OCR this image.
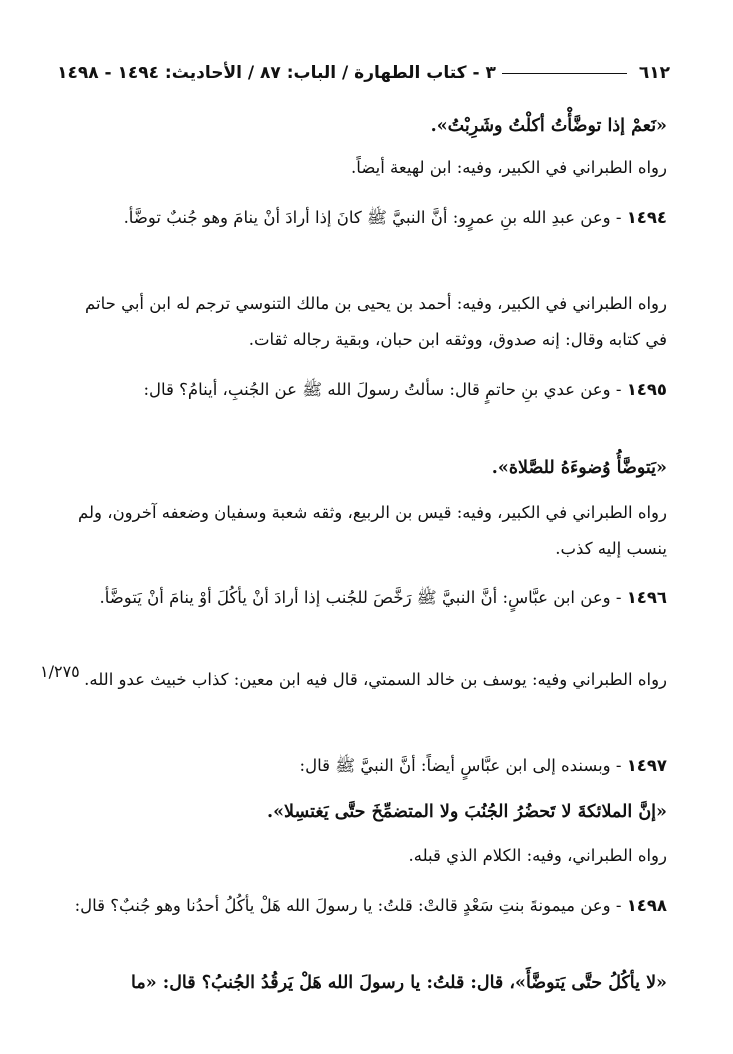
٦١٢
٣ - كتاب الطهارة / الباب: ٨٧ / الأحاديث: ١٤٩٤ - ١٤٩٨

«نَعمْ إذا توضَّأْتُ أكلْتُ وشَرِبْتُ».

رواه الطبراني في الكبير، وفيه: ابن لهيعة أيضاً.

١٤٩٤ - وعن عبدِ الله بنِ عمرٍو: أنَّ النبيَّ ﷺ كانَ إذا أرادَ أنْ ينامَ وهو جُنبٌ توضَّأ.

رواه الطبراني في الكبير، وفيه: أحمد بن يحيى بن مالك التنوسي ترجم له ابن أبي حاتم في كتابه وقال: إنه صدوق، ووثقه ابن حبان، وبقية رجاله ثقات.

١٤٩٥ - وعن عدي بنِ حاتمٍ قال: سألتُ رسولَ الله ﷺ عن الجُنبِ، أينامُ؟ قال:

«يَتوضَّأُ وُضوءَهُ للصَّلاة».

رواه الطبراني في الكبير، وفيه: قيس بن الربيع، وثقه شعبة وسفيان وضعفه آخرون، ولم ينسب إليه كذب.

١٤٩٦ - وعن ابن عبَّاسٍ: أنَّ النبيَّ ﷺ رَخَّصَ للجُنب إذا أرادَ أنْ يأكُلَ أوْ ينامَ أنْ يَتوضَّأ.

١/٢٧٥ رواه الطبراني وفيه: يوسف بن خالد السمتي، قال فيه ابن معين: كذاب خبيث عدو الله.

١٤٩٧ - وبسنده إلى ابن عبَّاسٍ أيضاً: أنَّ النبيَّ ﷺ قال:

«إنَّ الملائكةَ لا تَحضُرُ الجُنُبَ ولا المتضمِّخَ حتَّى يَغتسِلا».

رواه الطبراني، وفيه: الكلام الذي قبله.

١٤٩٨ - وعن ميمونةَ بنتِ سَعْدٍ قالتْ: قلتُ: يا رسولَ الله هَلْ يأكُلُ أحدُنا وهو جُنبٌ؟ قال:

«لا يأكُلُ حتَّى يَتوضَّأَ»، قال: قلتُ: يا رسولَ الله هَلْ يَرقُدُ الجُنبُ؟ قال: «ما
